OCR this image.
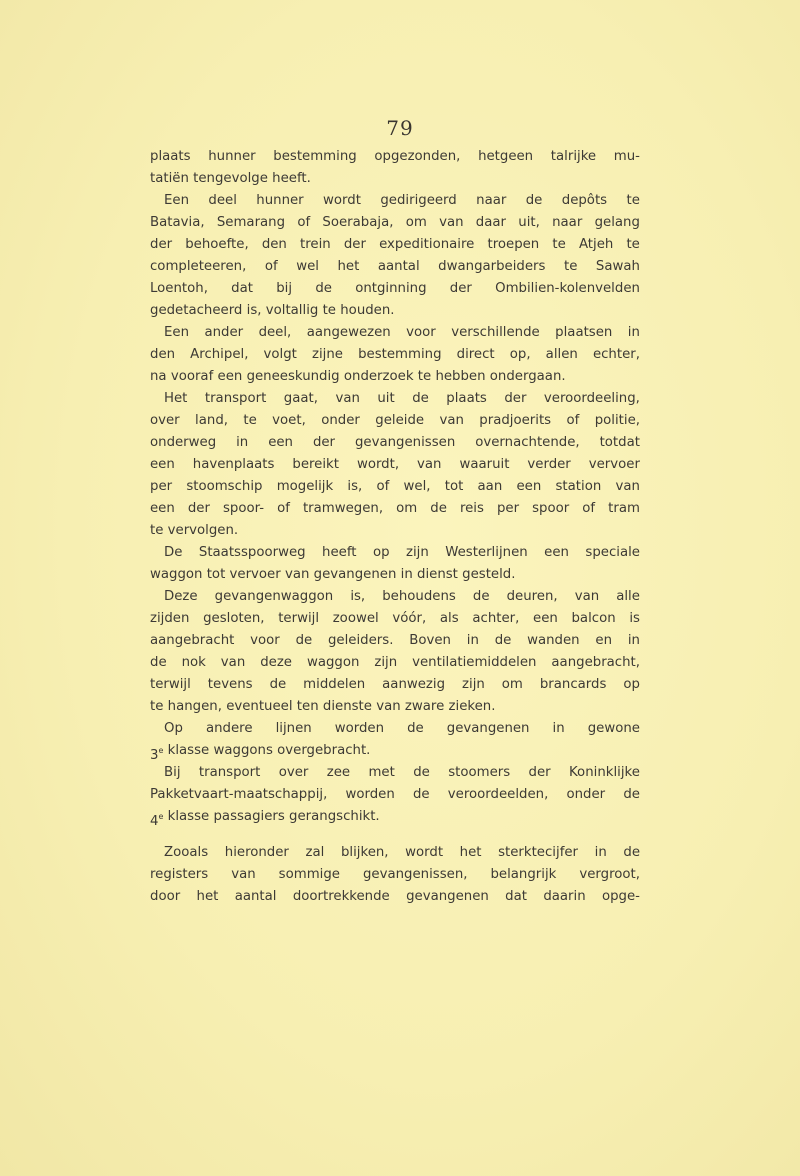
79
plaats hunner bestemming opgezonden, hetgeen talrijke mu-
tatiën tengevolge heeft.
Een deel hunner wordt gedirigeerd naar de depôts te
Batavia, Semarang of Soerabaja, om van daar uit, naar gelang
der behoefte, den trein der expeditionaire troepen te Atjeh te
completeeren, of wel het aantal dwangarbeiders te Sawah
Loentoh, dat bij de ontginning der Ombilien-kolenvelden
gedetacheerd is, voltallig te houden.
Een ander deel, aangewezen voor verschillende plaatsen in
den Archipel, volgt zijne bestemming direct op, allen echter,
na vooraf een geneeskundig onderzoek te hebben ondergaan.
Het transport gaat, van uit de plaats der veroordeeling,
over land, te voet, onder geleide van pradjoerits of politie,
onderweg in een der gevangenissen overnachtende, totdat
een havenplaats bereikt wordt, van waaruit verder vervoer
per stoomschip mogelijk is, of wel, tot aan een station van
een der spoor- of tramwegen, om de reis per spoor of tram
te vervolgen.
De Staatsspoorweg heeft op zijn Westerlijnen een speciale
waggon tot vervoer van gevangenen in dienst gesteld.
Deze gevangenwaggon is, behoudens de deuren, van alle
zijden gesloten, terwijl zoowel vóór, als achter, een balcon is
aangebracht voor de geleiders. Boven in de wanden en in
de nok van deze waggon zijn ventilatiemiddelen aangebracht,
terwijl tevens de middelen aanwezig zijn om brancards op
te hangen, eventueel ten dienste van zware zieken.
Op andere lijnen worden de gevangenen in gewone
3e klasse waggons overgebracht.
Bij transport over zee met de stoomers der Koninklijke
Pakketvaart-maatschappij, worden de veroordeelden, onder de
4e klasse passagiers gerangschikt.
Zooals hieronder zal blijken, wordt het sterktecijfer in de
registers van sommige gevangenissen, belangrijk vergroot,
door het aantal doortrekkende gevangenen dat daarin opge-
